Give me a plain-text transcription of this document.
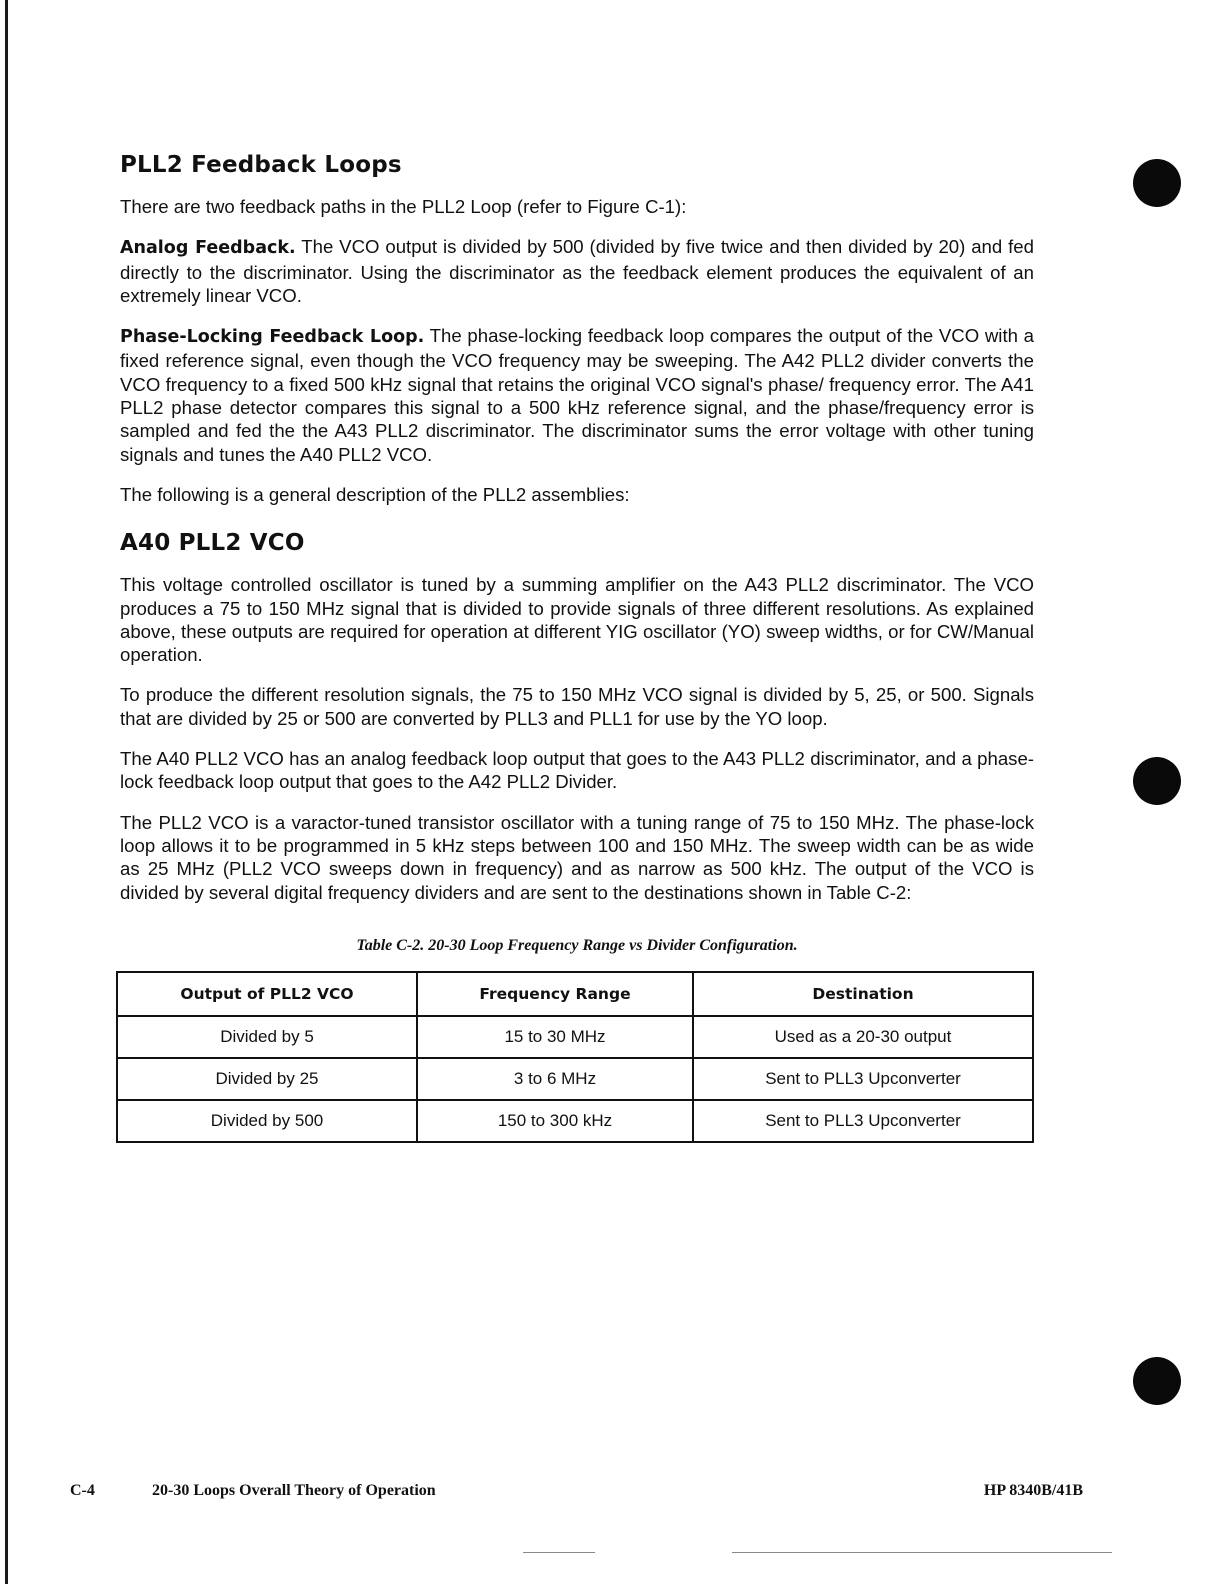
PLL2 Feedback Loops

There are two feedback paths in the PLL2 Loop (refer to Figure C-1):

Analog Feedback. The VCO output is divided by 500 (divided by five twice and then divided by 20) and fed directly to the discriminator. Using the discriminator as the feedback element produces the equivalent of an extremely linear VCO.

Phase-Locking Feedback Loop. The phase-locking feedback loop compares the output of the VCO with a fixed reference signal, even though the VCO frequency may be sweeping. The A42 PLL2 divider converts the VCO frequency to a fixed 500 kHz signal that retains the original VCO signal's phase/ frequency error. The A41 PLL2 phase detector compares this signal to a 500 kHz reference signal, and the phase/frequency error is sampled and fed the the A43 PLL2 discriminator. The discriminator sums the error voltage with other tuning signals and tunes the A40 PLL2 VCO.

The following is a general description of the PLL2 assemblies:

A40 PLL2 VCO

This voltage controlled oscillator is tuned by a summing amplifier on the A43 PLL2 discriminator. The VCO produces a 75 to 150 MHz signal that is divided to provide signals of three different resolutions. As explained above, these outputs are required for operation at different YIG oscillator (YO) sweep widths, or for CW/Manual operation.

To produce the different resolution signals, the 75 to 150 MHz VCO signal is divided by 5, 25, or 500. Signals that are divided by 25 or 500 are converted by PLL3 and PLL1 for use by the YO loop.

The A40 PLL2 VCO has an analog feedback loop output that goes to the A43 PLL2 discriminator, and a phase-lock feedback loop output that goes to the A42 PLL2 Divider.

The PLL2 VCO is a varactor-tuned transistor oscillator with a tuning range of 75 to 150 MHz. The phase-lock loop allows it to be programmed in 5 kHz steps between 100 and 150 MHz. The sweep width can be as wide as 25 MHz (PLL2 VCO sweeps down in frequency) and as narrow as 500 kHz. The output of the VCO is divided by several digital frequency dividers and are sent to the destinations shown in Table C-2:

Table C-2. 20-30 Loop Frequency Range vs Divider Configuration.

Output of PLL2 VCO	Frequency Range	Destination
Divided by 5	15 to 30 MHz	Used as a 20-30 output
Divided by 25	3 to 6 MHz	Sent to PLL3 Upconverter
Divided by 500	150 to 300 kHz	Sent to PLL3 Upconverter
C-4	20-30 Loops Overall Theory of Operation	HP 8340B/41B
